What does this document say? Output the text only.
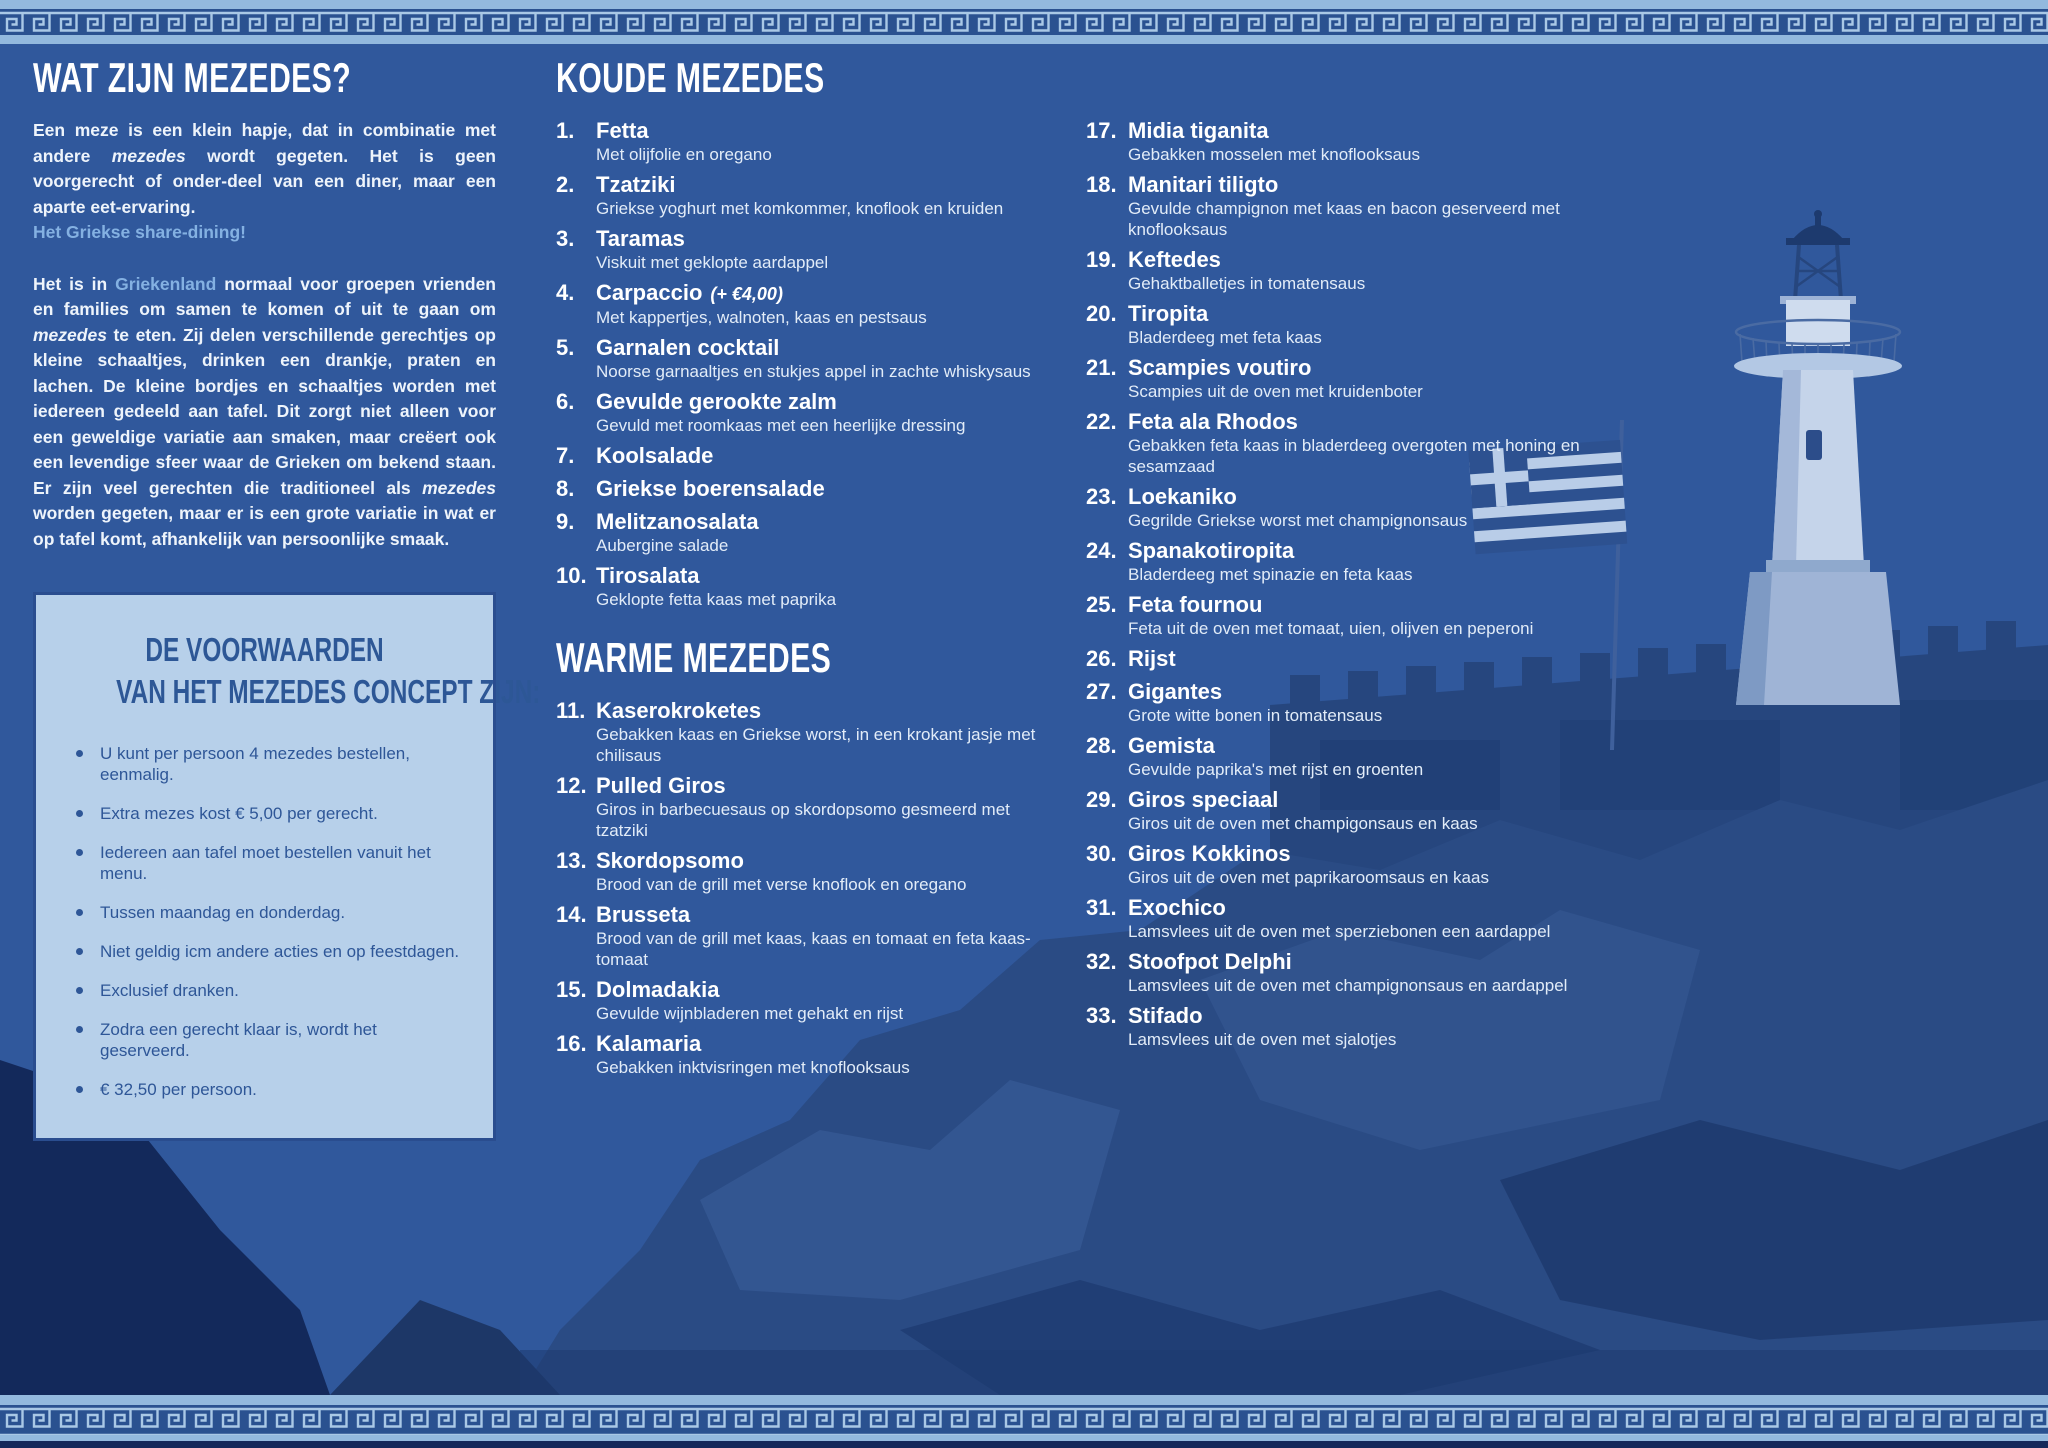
WAT ZIJN MEZEDES?

Een meze is een klein hapje, dat in combinatie met andere mezedes wordt gegeten. Het is geen voorgerecht of onder-deel van een diner, maar een aparte eet-ervaring.
Het Griekse share-dining!

Het is in Griekenland normaal voor groepen vrienden en families om samen te komen of uit te gaan om mezedes te eten. Zij delen verschillende gerechtjes op kleine schaaltjes, drinken een drankje, praten en lachen. De kleine bordjes en schaaltjes worden met iedereen gedeeld aan tafel. Dit zorgt niet alleen voor een geweldige variatie aan smaken, maar creëert ook een levendige sfeer waar de Grieken om bekend staan. Er zijn veel gerechten die traditioneel als mezedes worden gegeten, maar er is een grote variatie in wat er op tafel komt, afhankelijk van persoonlijke smaak.

DE VOORWAARDEN
VAN HET MEZEDES CONCEPT ZIJN:
U kunt per persoon 4 mezedes bestellen, eenmalig.
Extra mezes kost € 5,00 per gerecht.
Iedereen aan tafel moet bestellen vanuit het menu.
Tussen maandag en donderdag.
Niet geldig icm andere acties en op feestdagen.
Exclusief dranken.
Zodra een gerecht klaar is, wordt het geserveerd.
€ 32,50 per persoon.
KOUDE MEZEDES
1. Fetta
Met olijfolie en oregano
2. Tzatziki
Griekse yoghurt met komkommer, knoflook en kruiden
3. Taramas
Viskuit met geklopte aardappel
4. Carpaccio (+ €4,00)
Met kappertjes, walnoten, kaas en pestsaus
5. Garnalen cocktail
Noorse garnaaltjes en stukjes appel in zachte whiskysaus
6. Gevulde gerookte zalm
Gevuld met roomkaas met een heerlijke dressing
7. Koolsalade
8. Griekse boerensalade
9. Melitzanosalata
Aubergine salade
10. Tirosalata
Geklopte fetta kaas met paprika
WARME MEZEDES
11. Kaserokroketes
Gebakken kaas en Griekse worst, in een krokant jasje met chilisaus
12. Pulled Giros
Giros in barbecuesaus op skordopsomo gesmeerd met tzatziki
13. Skordopsomo
Brood van de grill met verse knoflook en oregano
14. Brusseta
Brood van de grill met kaas, kaas en tomaat en feta kaas-tomaat
15. Dolmadakia
Gevulde wijnbladeren met gehakt en rijst
16. Kalamaria
Gebakken inktvisringen met knoflooksaus
17. Midia tiganita
Gebakken mosselen met knoflooksaus
18. Manitari tiligto
Gevulde champignon met kaas en bacon geserveerd met knoflooksaus
19. Keftedes
Gehaktballetjes in tomatensaus
20. Tiropita
Bladerdeeg met feta kaas
21. Scampies voutiro
Scampies uit de oven met kruidenboter
22. Feta ala Rhodos
Gebakken feta kaas in bladerdeeg overgoten met honing en sesamzaad
23. Loekaniko
Gegrilde Griekse worst met champignonsaus
24. Spanakotiropita
Bladerdeeg met spinazie en feta kaas
25. Feta fournou
Feta uit de oven met tomaat, uien, olijven en peperoni
26. Rijst
27. Gigantes
Grote witte bonen in tomatensaus
28. Gemista
Gevulde paprika's met rijst en groenten
29. Giros speciaal
Giros uit de oven met champigonsaus en kaas
30. Giros Kokkinos
Giros uit de oven met paprikaroomsaus en kaas
31. Exochico
Lamsvlees uit de oven met sperziebonen een aardappel
32. Stoofpot Delphi
Lamsvlees uit de oven met champignonsaus en aardappel
33. Stifado
Lamsvlees uit de oven met sjalotjes
